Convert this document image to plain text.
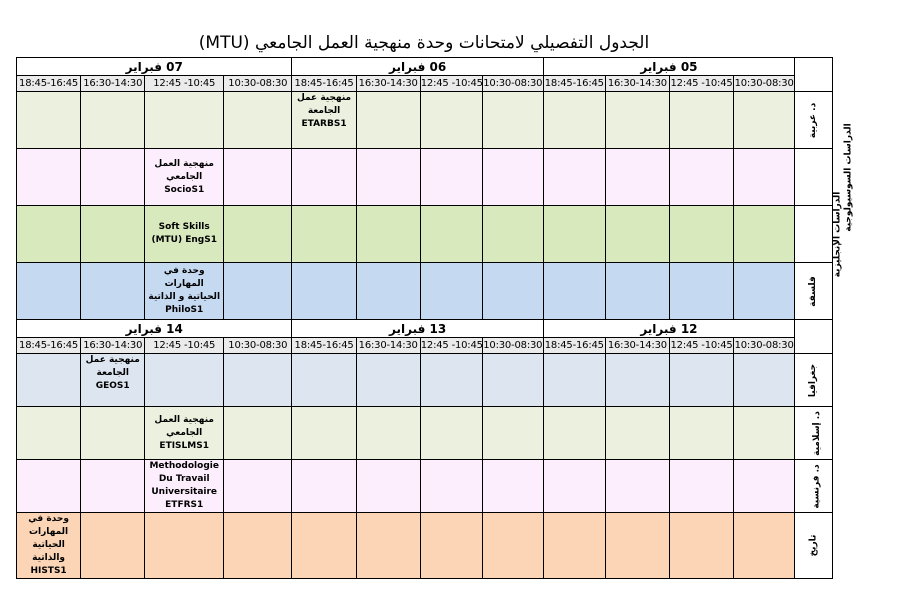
الجدول التفصيلي لامتحانات وحدة منهجية العمل الجامعي (MTU)
07 فبراير				06 فبراير				05 فبراير				
18:45-16:45	16:30-14:30	12:45 -10:45	10:30-08:30	18:45-16:45	16:30-14:30	12:45 -10:45	10:30-08:30	18:45-16:45	16:30-14:30	12:45 -10:45	10:30-08:30	
				منهجية عمل
الجامعة
ETARBS1								د. عربية
		منهجية العمل
الجامعي SocioS1										الدراسات السوسيولوجية
		Soft Skills
(MTU) EngS1										الدراسات الإنجليزية
		وحدة في المهارات
الحياتية و الذاتية
PhiloS1										فلسفة
14 فبراير				13 فبراير				12 فبراير				
18:45-16:45	16:30-14:30	12:45 -10:45	10:30-08:30	18:45-16:45	16:30-14:30	12:45 -10:45	10:30-08:30	18:45-16:45	16:30-14:30	12:45 -10:45	10:30-08:30	
	منهجية عمل
الجامعة
GEOS1											جغرافيا
		منهجية العمل
الجامعي
ETISLMS1										د. إسلامية
		Methodologie
Du Travail
Universitaire
ETFRS1										د. فرنسية
وحدة في المهارات
الحياتية والذاتية
HISTS1												تاريخ
